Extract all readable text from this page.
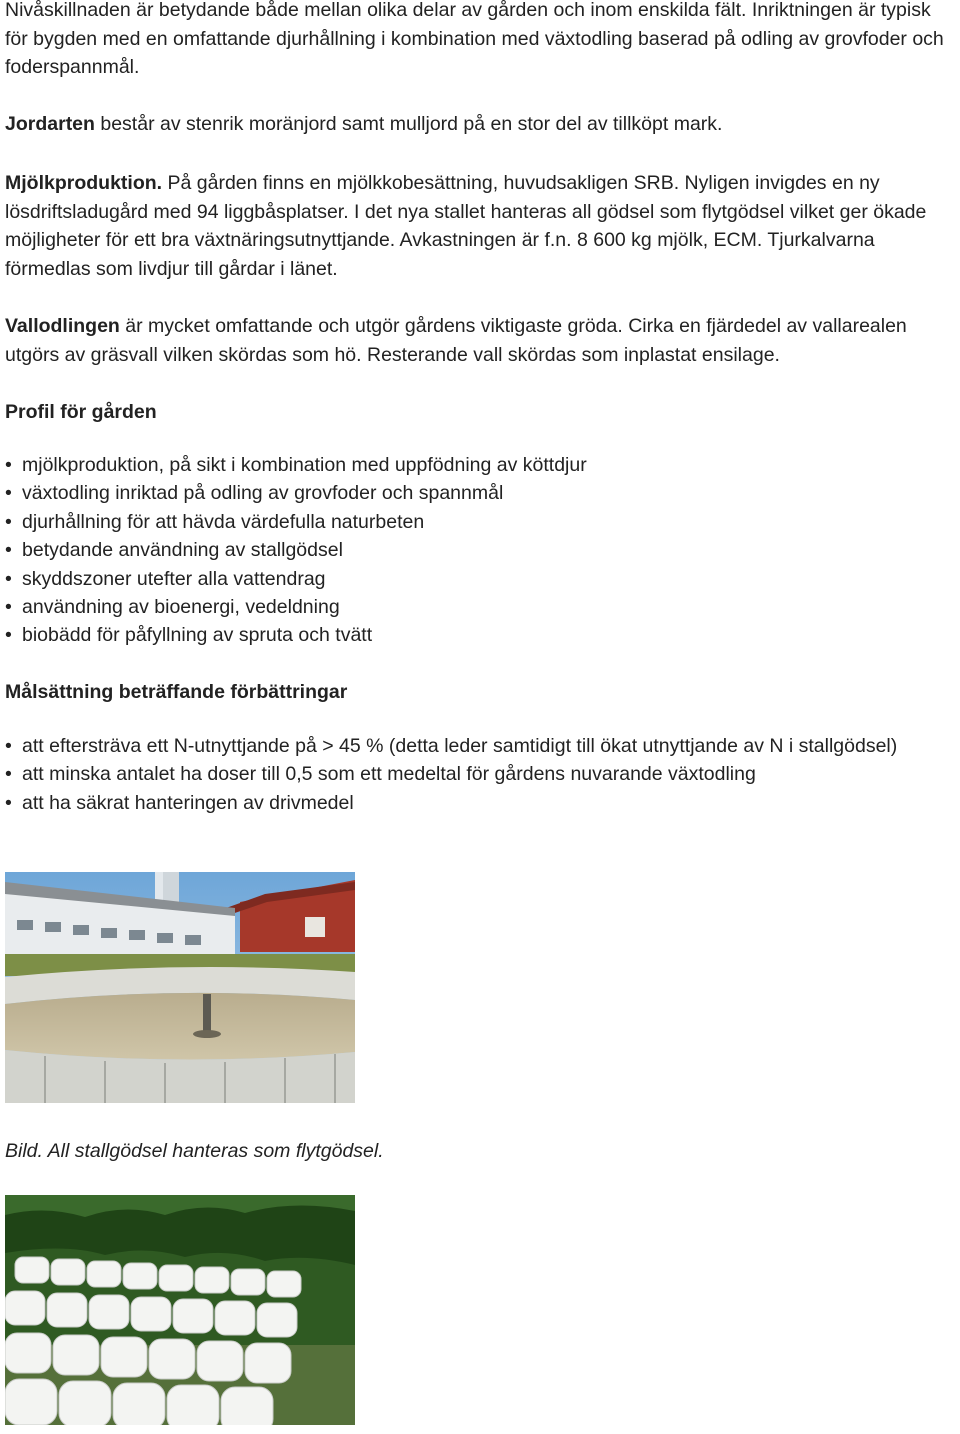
Nivåskillnaden är betydande både mellan olika delar av gården och inom enskilda fält. Inriktningen är typisk för bygden med en omfattande djurhållning i kombination med växtodling baserad på odling av grovfoder och foderspannmål.

Jordarten består av stenrik moränjord samt mulljord på en stor del av tillköpt mark.

Mjölkproduktion. På gården finns en mjölkkobesättning, huvudsakligen SRB. Nyligen invigdes en ny lösdriftsladugård med 94 liggbåsplatser. I det nya stallet hanteras all gödsel som flytgödsel vilket ger ökade möjligheter för ett bra växtnäringsutnyttjande. Avkastningen är f.n. 8 600 kg mjölk, ECM. Tjurkalvarna förmedlas som livdjur till gårdar i länet.

Vallodlingen är mycket omfattande och utgör gårdens viktigaste gröda. Cirka en fjärdedel av vallarealen utgörs av gräsvall vilken skördas som hö. Resterande vall skördas som inplastat ensilage.

Profil för gården

• mjölkproduktion, på sikt i kombination med uppfödning av köttdjur
• växtodling inriktad på odling av grovfoder och spannmål
• djurhållning för att hävda värdefulla naturbeten
• betydande användning av stallgödsel
• skyddszoner utefter alla vattendrag
• användning av bioenergi, vedeldning
• biobädd för påfyllning av spruta och tvätt

Målsättning beträffande förbättringar

• att eftersträva ett N-utnyttjande på > 45 % (detta leder samtidigt till ökat utnyttjande av N i stallgödsel)
• att minska antalet ha doser till 0,5 som ett medeltal för gårdens nuvarande växtodling
• att ha säkrat hanteringen av drivmedel

Bild. All stallgödsel hanteras som flytgödsel.
